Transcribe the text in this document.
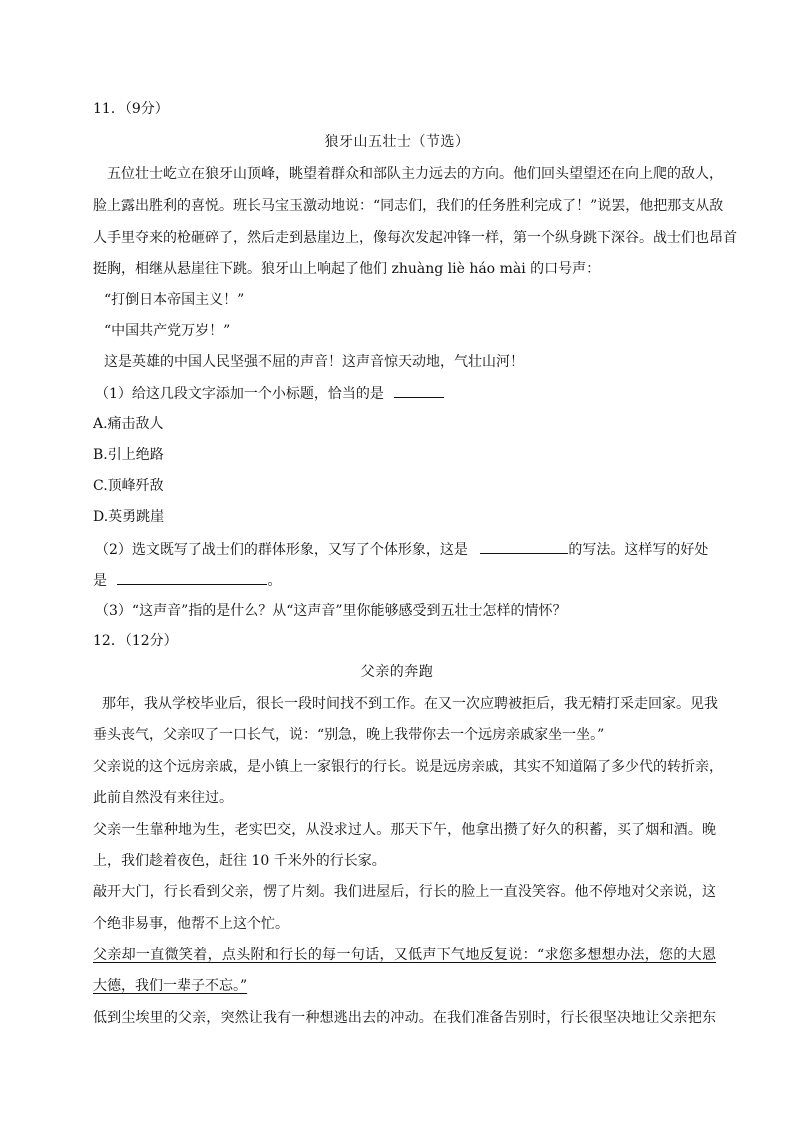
11．（9分）
狼牙山五壮士（节选）
五位壮士屹立在狼牙山顶峰，眺望着群众和部队主力远去的方向。他们回头望望还在向上爬的敌人，
脸上露出胜利的喜悦。班长马宝玉激动地说：“同志们，我们的任务胜利完成了！”说罢，他把那支从敌
人手里夺来的枪砸碎了，然后走到悬崖边上，像每次发起冲锋一样，第一个纵身跳下深谷。战士们也昂首
挺胸，相继从悬崖往下跳。狼牙山上响起了他们 zhuàng liè háo mài 的口号声：
“打倒日本帝国主义！”
“中国共产党万岁！”
这是英雄的中国人民坚强不屈的声音！这声音惊天动地，气壮山河！
（1）给这几段文字添加一个小标题，恰当的是
A.痛击敌人
B.引上绝路
C.顶峰歼敌
D.英勇跳崖
（2）选文既写了战士们的群体形象，又写了个体形象，这是	的写法。这样写的好处
是	。
（3）“这声音”指的是什么？从“这声音”里你能够感受到五壮士怎样的情怀？
12．（12分）
父亲的奔跑
那年，我从学校毕业后，很长一段时间找不到工作。在又一次应聘被拒后，我无精打采走回家。见我
垂头丧气，父亲叹了一口长气，说：“别急，晚上我带你去一个远房亲戚家坐一坐。”
父亲说的这个远房亲戚，是小镇上一家银行的行长。说是远房亲戚，其实不知道隔了多少代的转折亲，
此前自然没有来往过。
父亲一生靠种地为生，老实巴交，从没求过人。那天下午，他拿出攒了好久的积蓄，买了烟和酒。晚
上，我们趁着夜色，赶往 10 千米外的行长家。
敲开大门，行长看到父亲，愣了片刻。我们进屋后，行长的脸上一直没笑容。他不停地对父亲说，这
个绝非易事，他帮不上这个忙。
父亲却一直微笑着，点头附和行长的每一句话，又低声下气地反复说：“求您多想想办法，您的大恩
大德，我们一辈子不忘。”
低到尘埃里的父亲，突然让我有一种想逃出去的冲动。在我们准备告别时，行长很坚决地让父亲把东
